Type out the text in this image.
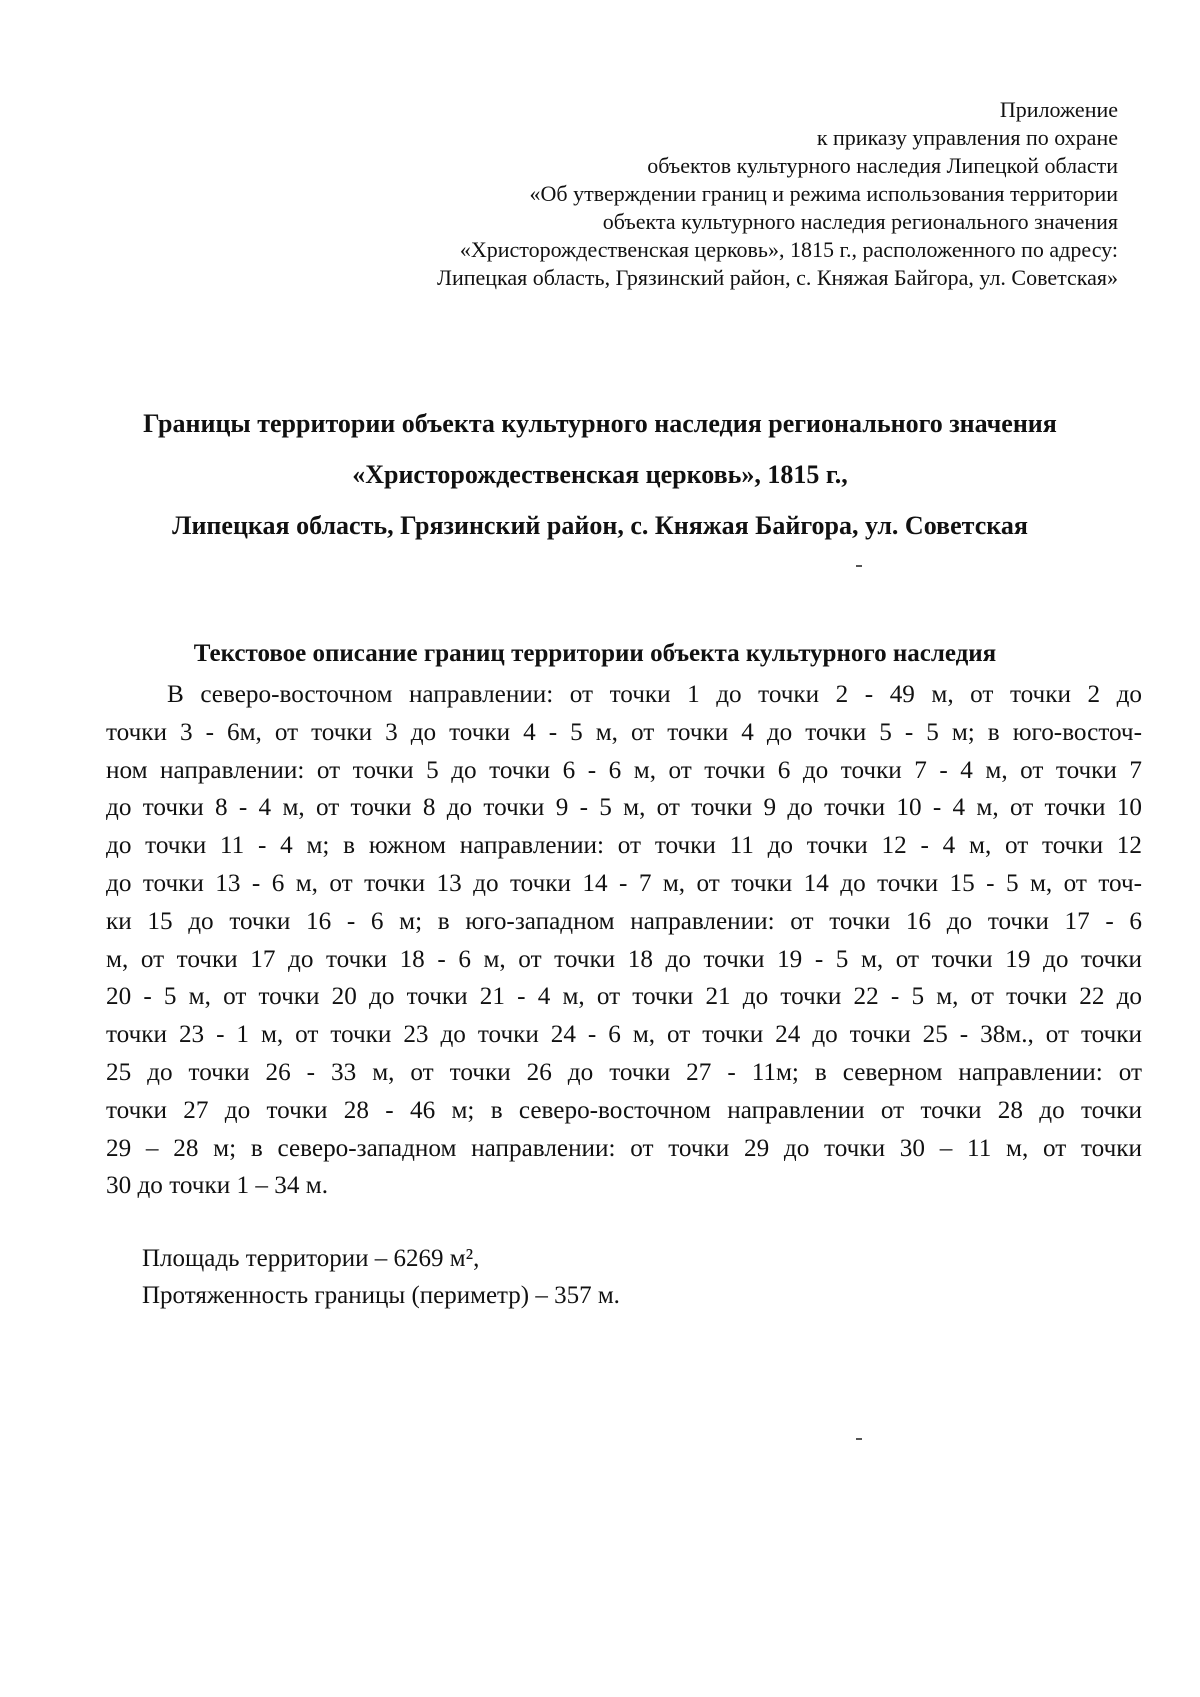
Приложение
к приказу управления по охране
объектов культурного наследия Липецкой области
«Об утверждении границ и режима использования территории
объекта культурного наследия регионального значения
«Христорождественская церковь», 1815 г., расположенного по адресу:
Липецкая область, Грязинский район, с. Княжая Байгора, ул. Советская»
Границы территории объекта культурного наследия регионального значения
«Христорождественская церковь», 1815 г.,
Липецкая область, Грязинский район, с. Княжая Байгора, ул. Советская
Текстовое описание границ территории объекта культурного наследия
В северо-восточном направлении: от точки 1 до точки 2 - 49 м, от точки 2 до
точки 3 - 6м, от точки 3 до точки 4 - 5 м, от точки 4 до точки 5 - 5 м; в юго-восточ-
ном направлении: от точки 5 до точки 6 - 6 м, от точки 6 до точки 7 - 4 м, от точки 7
до точки 8 - 4 м, от точки 8 до точки 9 - 5 м, от точки 9 до точки 10 - 4 м, от точки 10
до точки 11 - 4 м; в южном направлении: от точки 11 до точки 12 - 4 м, от точки 12
до точки 13 - 6 м, от точки 13 до точки 14 - 7 м, от точки 14 до точки 15 - 5 м, от точ-
ки 15 до точки 16 - 6 м; в юго-западном направлении: от точки 16 до точки 17 - 6
м, от точки 17 до точки 18 - 6 м, от точки 18 до точки 19 - 5 м, от точки 19 до точки
20 - 5 м, от точки 20 до точки 21 - 4 м, от точки 21 до точки 22 - 5 м, от точки 22 до
точки 23 - 1 м, от точки 23 до точки 24 - 6 м, от точки 24 до точки 25 - 38м., от точки
25 до точки 26 - 33 м, от точки 26 до точки 27 - 11м; в северном направлении: от
точки 27 до точки 28 - 46 м; в северо-восточном направлении от точки 28 до точки
29 – 28 м; в северо-западном направлении: от точки 29 до точки 30 – 11 м, от точки
30 до точки 1 – 34 м.
Площадь территории – 6269 м²,
Протяженность границы (периметр) – 357 м.
